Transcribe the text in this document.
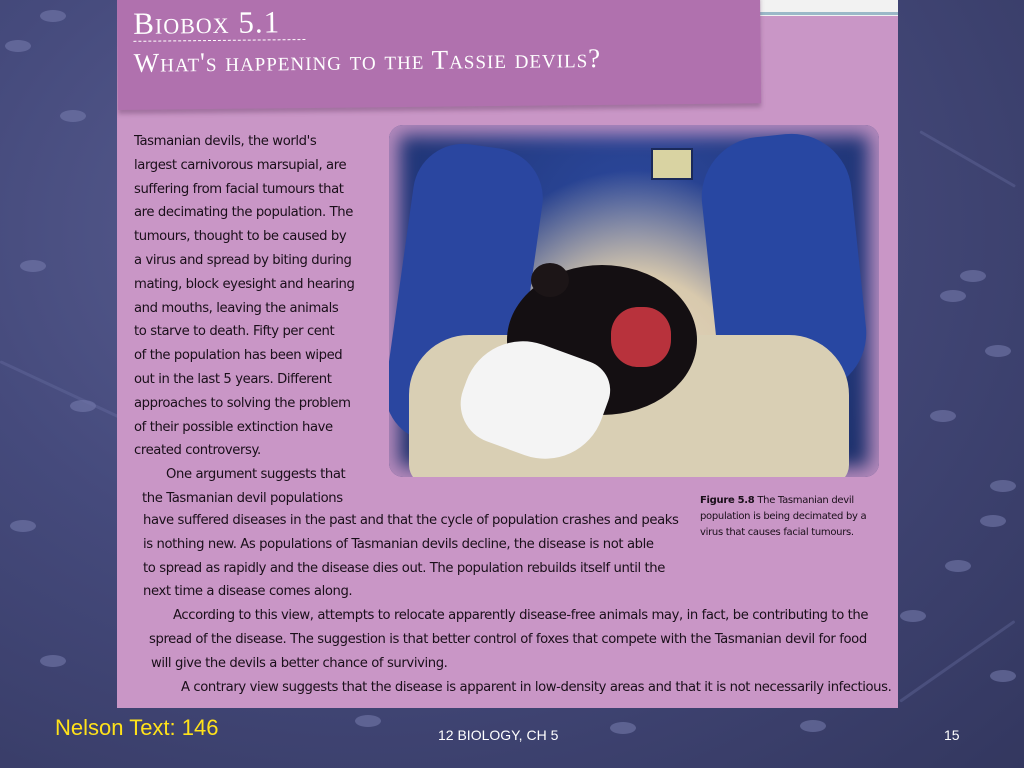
Biobox 5.1
What's happening to the Tassie devils?
Tasmanian devils, the world's
largest carnivorous marsupial, are
suffering from facial tumours that
are decimating the population. The
tumours, thought to be caused by
a virus and spread by biting during
mating, block eyesight and hearing
and mouths, leaving the animals
to starve to death. Fifty per cent
of the population has been wiped
out in the last 5 years. Different
approaches to solving the problem
of their possible extinction have
created controversy.
One argument suggests that
the Tasmanian devil populations	Figure 5.8 The Tasmanian devil
population is being decimated by a
virus that causes facial tumours.
have suffered diseases in the past and that the cycle of population crashes and peaks
is nothing new. As populations of Tasmanian devils decline, the disease is not able
to spread as rapidly and the disease dies out. The population rebuilds itself until the
next time a disease comes along.
According to this view, attempts to relocate apparently disease-free animals may, in fact, be contributing to the
spread of the disease. The suggestion is that better control of foxes that compete with the Tasmanian devil for food
will give the devils a better chance of surviving.
A contrary view suggests that the disease is apparent in low-density areas and that it is not necessarily infectious.
Nelson Text: 146	12 BIOLOGY, CH 5	15
